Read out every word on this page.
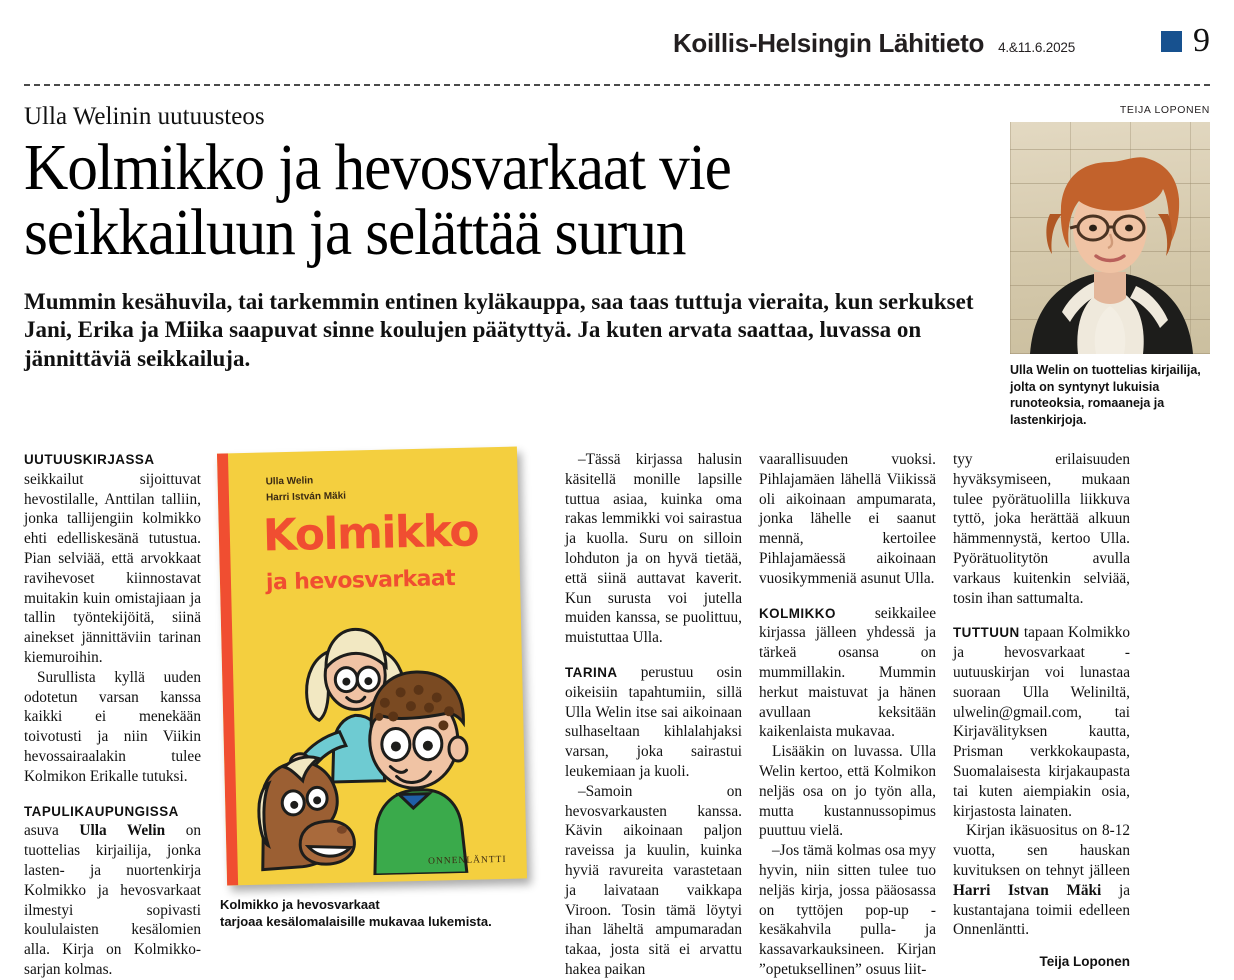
Koillis-Helsingin Lähitieto 4.&11.6.2025	9
Ulla Welinin uutuusteos
Kolmikko ja hevosvarkaat vie
seikkailuun ja selättää surun

Mummin kesähuvila, tai tarkemmin entinen kyläkauppa, saa taas tuttuja vieraita, kun serkukset Jani, Erika ja Miika saapuvat sinne koulujen päätyttyä. Ja kuten arvata saattaa, luvassa on jännittäviä seikkailuja.

TEIJA LOPONEN
Ulla Welin on tuottelias kirjailija, jolta on syntynyt lukuisia runoteoksia, romaaneja ja lastenkirjoja.

UUTUUSKIRJASSA seikkailut sijoittuvat hevostilalle, Anttilan talliin, jonka tallijengiin kolmikko ehti edelliskesänä tutustua. Pian selviää, että arvokkaat ravihevoset kiinnostavat muitakin kuin omistajiaan ja tallin työntekijöitä, siinä ainekset jännittäviin tarinan kiemuroihin.

Surullista kyllä uuden odotetun varsan kanssa kaikki ei menekään toivotusti ja niin Viikin hevossairaalakin tulee Kolmikon Erikalle tutuksi.

TAPULIKAUPUNGISSA asuva Ulla Welin on tuottelias kirjailija, jonka lasten- ja nuortenkirja Kolmikko ja hevosvarkaat ilmestyi sopivasti koululaisten kesälomien alla. Kirja on Kolmikko-sarjan kolmas.

Ulla Welin
Harri István Mäki
Kolmikko
ja hevosvarkaat
ONNENLÄNTTI
Kolmikko ja hevosvarkaat
tarjoaa kesälomalaisille mukavaa lukemista.

–Tässä kirjassa halusin käsitellä monille lapsille tuttua asiaa, kuinka oma rakas lemmikki voi sairastua ja kuolla. Suru on silloin lohduton ja on hyvä tietää, että siinä auttavat kaverit. Kun surusta voi jutella muiden kanssa, se puolittuu, muistuttaa Ulla.

TARINA perustuu osin oikeisiin tapahtumiin, sillä Ulla Welin itse sai aikoinaan sulhaseltaan kihlalahjaksi varsan, joka sairastui leukemiaan ja kuoli.

–Samoin on hevosvarkausten kanssa. Kävin aikoinaan paljon raveissa ja kuulin, kuinka hyviä ravureita varastetaan ja laivataan vaikkapa Viroon. Tosin tämä löytyi ihan läheltä ampumaradan takaa, josta sitä ei arvattu hakea paikan

vaarallisuuden vuoksi. Pihlajamäen lähellä Viikissä oli aikoinaan ampumarata, jonka lähelle ei saanut mennä, kertoilee Pihlajamäessä aikoinaan vuosikymmeniä asunut Ulla.

KOLMIKKO seikkailee kirjassa jälleen yhdessä ja tärkeä osansa on mummillakin. Mummin herkut maistuvat ja hänen avullaan keksitään kaikenlaista mukavaa.

Lisääkin on luvassa. Ulla Welin kertoo, että Kolmikon neljäs osa on jo työn alla, mutta kustannussopimus puuttuu vielä.

–Jos tämä kolmas osa myy hyvin, niin sitten tulee tuo neljäs kirja, jossa pääosassa on tyttöjen pop-up -kesäkahvila pulla- ja kassavarkauksineen. Kirjan ”opetuksellinen” osuus liit-

tyy erilaisuuden hyväksymiseen, mukaan tulee pyörätuolilla liikkuva tyttö, joka herättää alkuun hämmennystä, kertoo Ulla. Pyörätuolitytön avulla varkaus kuitenkin selviää, tosin ihan sattumalta.

TUTTUUN tapaan Kolmikko ja hevosvarkaat -uutuuskirjan voi lunastaa suoraan Ulla Weliniltä, ulwelin@gmail.com, tai Kirjavälityksen kautta, Prisman verkkokaupasta, Suomalaisesta kirjakaupasta tai kuten aiempiakin osia, kirjastosta lainaten.

Kirjan ikäsuositus on 8-12 vuotta, sen hauskan kuvituksen on tehnyt jälleen Harri Istvan Mäki ja kustantajana toimii edelleen Onnenläntti.

Teija Loponen
